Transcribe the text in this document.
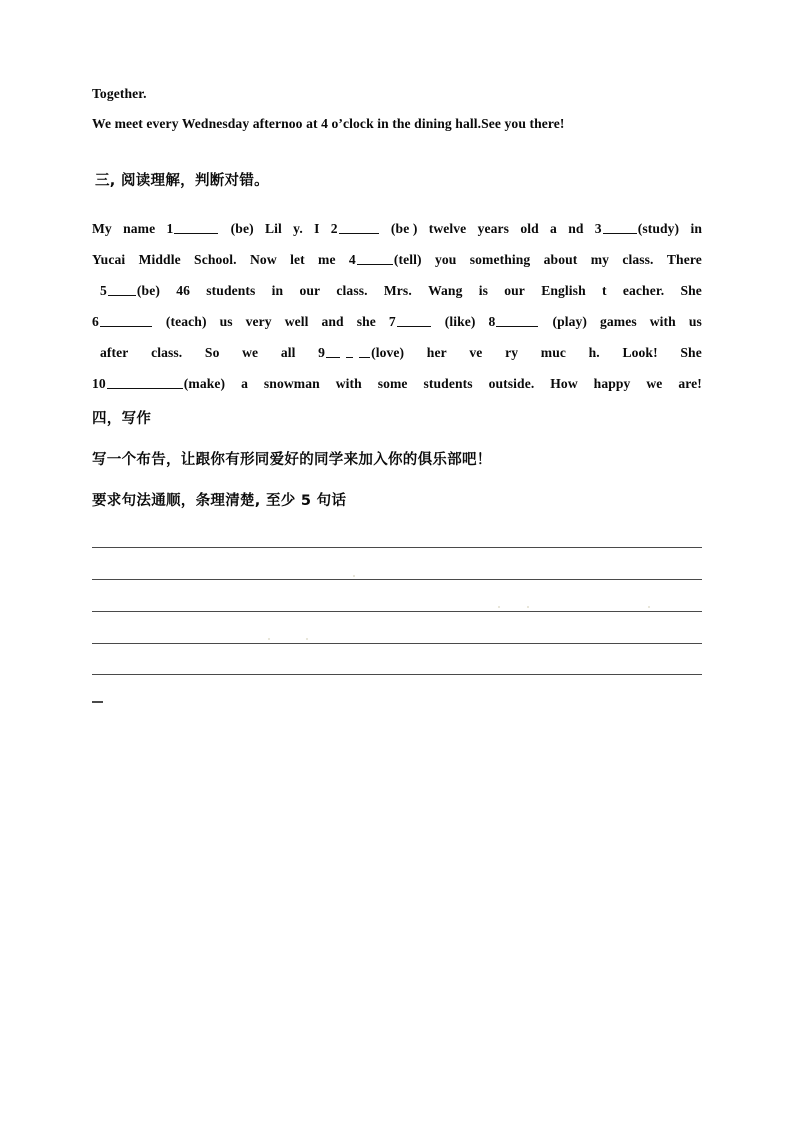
Together.
We meet every Wednesday afternoo at 4 o’clock in the dining hall.See you there!
三, 阅读理解，判断对错。
My name 1	(be) Lil y. I 2	(be ) twelve years old a nd 3	(study) in
Yucai Middle School. Now let me 4	(tell) you something about my class. There
5 (be) 46 students in our class. Mrs. Wang is our English t eacher. She
6	(teach) us very well and she 7	(like) 8	(play) games with us
after class. So we all 9	(love) her ve ry muc h. Look! She
10	(make) a snowman with some students outside. How happy we are!
四，写作
写一个布告，让跟你有形同爱好的同学来加入你的俱乐部吧！
要求句法通顺，条理清楚, 至少 5 句话
